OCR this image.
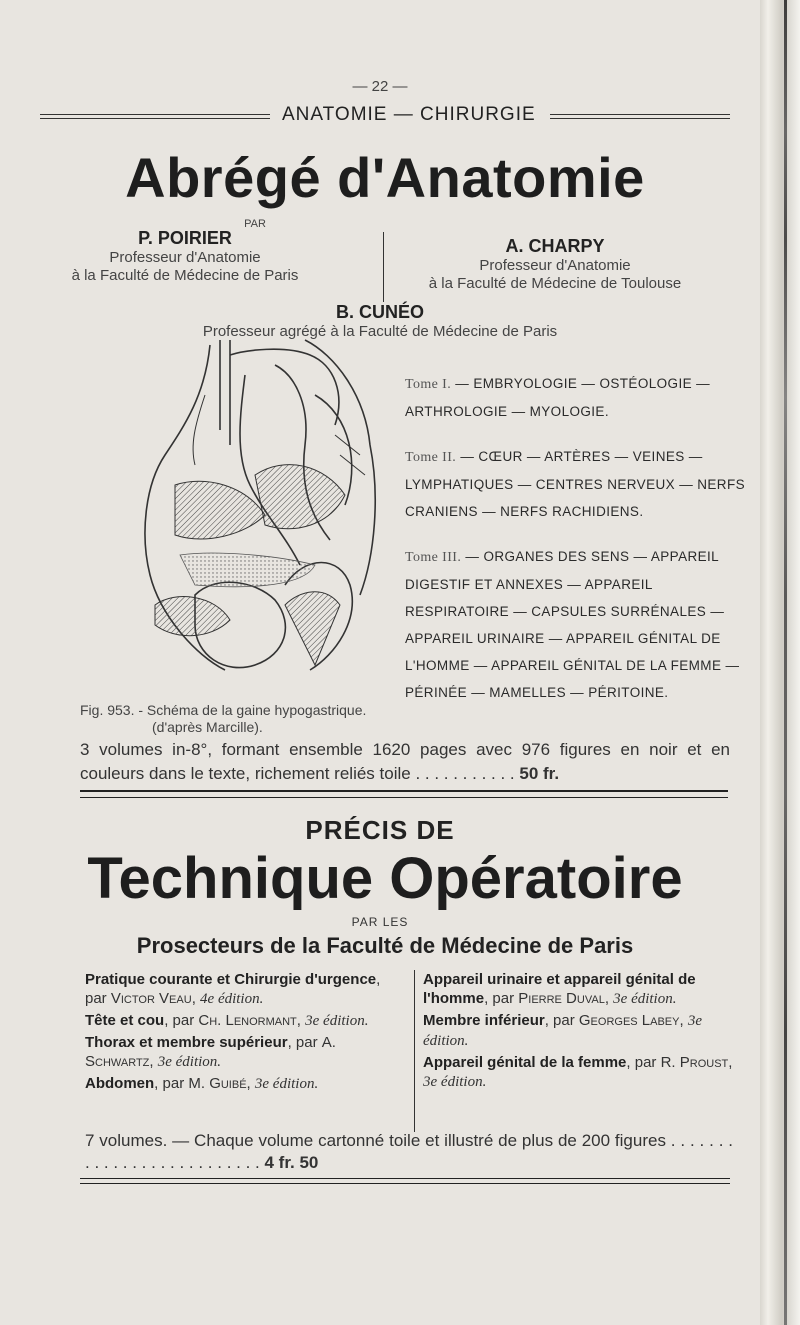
— 22 —
ANATOMIE — CHIRURGIE
Abrégé d'Anatomie
PAR
P. POIRIER
Professeur d'Anatomie
à la Faculté de Médecine de Paris
A. CHARPY
Professeur d'Anatomie
à la Faculté de Médecine de Toulouse
B. CUNÉO
Professeur agrégé à la Faculté de Médecine de Paris
Fig. 953. - Schéma de la gaine hypogastrique.
(d'après Marcille).
Tome I. — EMBRYOLOGIE — OSTÉOLOGIE — ARTHROLOGIE — MYOLOGIE.
Tome II. — CŒUR — ARTÈRES — VEINES — LYMPHATIQUES — CENTRES NERVEUX — NERFS CRANIENS — NERFS RACHIDIENS.
Tome III. — ORGANES DES SENS — APPAREIL DIGESTIF ET ANNEXES — APPAREIL RESPIRATOIRE — CAPSULES SURRÉNALES — APPAREIL URINAIRE — APPAREIL GÉNITAL DE L'HOMME — APPAREIL GÉNITAL DE LA FEMME — PÉRINÉE — MAMELLES — PÉRITOINE.
3 volumes in-8°, formant ensemble 1620 pages avec 976 figures en noir et en couleurs dans le texte, richement reliés toile . . . . . . . . . . . 50 fr.
PRÉCIS DE
Technique Opératoire
PAR LES
Prosecteurs de la Faculté de Médecine de Paris
Pratique courante et Chirurgie d'urgence, par Victor Veau, 4e édition.
Tête et cou, par Ch. Lenormant, 3e édition.
Thorax et membre supérieur, par A. Schwartz, 3e édition.
Abdomen, par M. Guibé, 3e édition.
Appareil urinaire et appareil génital de l'homme, par Pierre Duval, 3e édition.
Membre inférieur, par Georges Labey, 3e édition.
Appareil génital de la femme, par R. Proust, 3e édition.
7 volumes. — Chaque volume cartonné toile et illustré de plus de 200 figures . . . . . . . . . . . . . . . . . . . . . . . . . . 4 fr. 50
